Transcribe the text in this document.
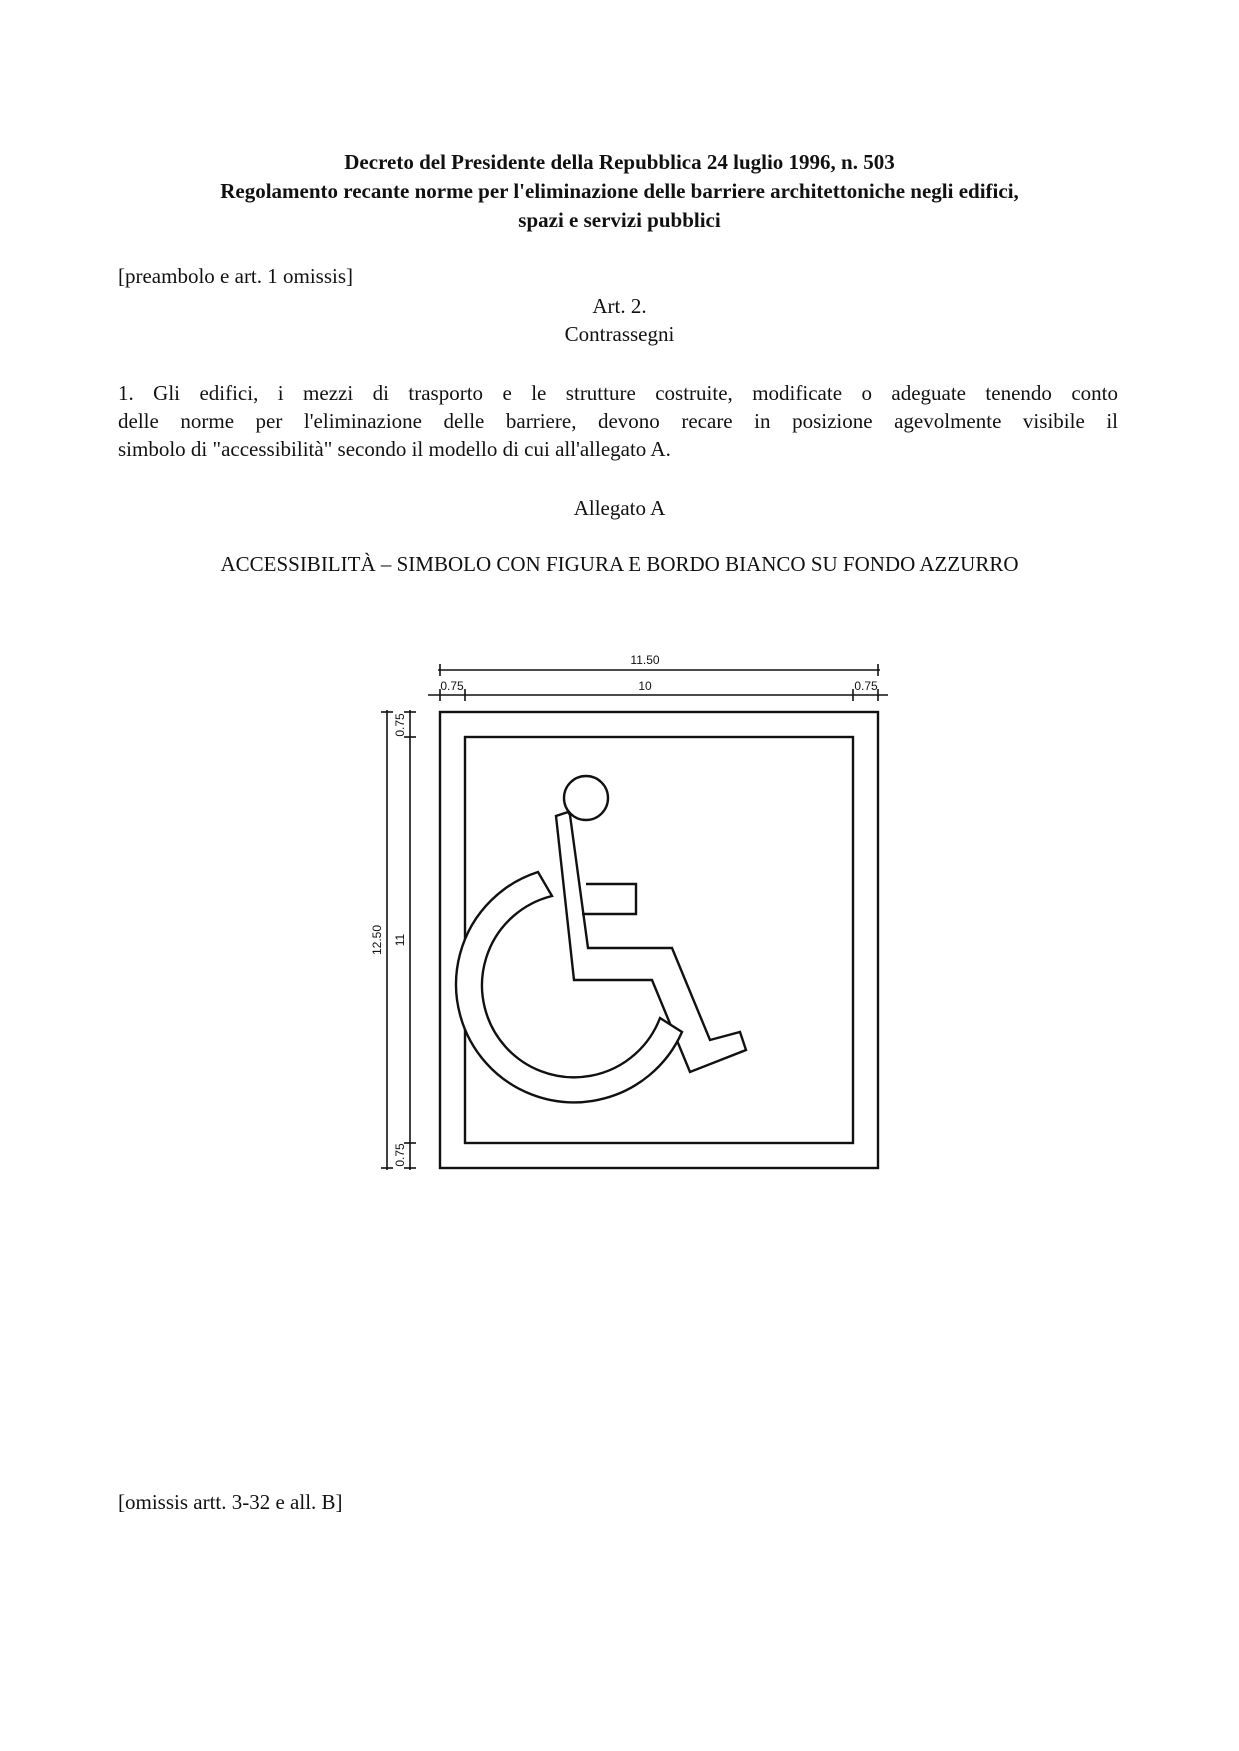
Decreto del Presidente della Repubblica 24 luglio 1996, n. 503
Regolamento recante norme per l'eliminazione delle barriere architettoniche negli edifici,
spazi e servizi pubblici
[preambolo e art. 1 omissis]
Art. 2.
Contrassegni
1. Gli edifici, i mezzi di trasporto e le strutture costruite, modificate o adeguate tenendo conto
delle norme per l'eliminazione delle barriere, devono recare in posizione agevolmente visibile il
simbolo di "accessibilità" secondo il modello di cui all'allegato A.
Allegato A
ACCESSIBILITÀ – SIMBOLO CON FIGURA E BORDO BIANCO SU FONDO AZZURRO
11.50
0.75	10	0.75
12.50
0.75
11
0.75
[omissis artt. 3-32 e all. B]
